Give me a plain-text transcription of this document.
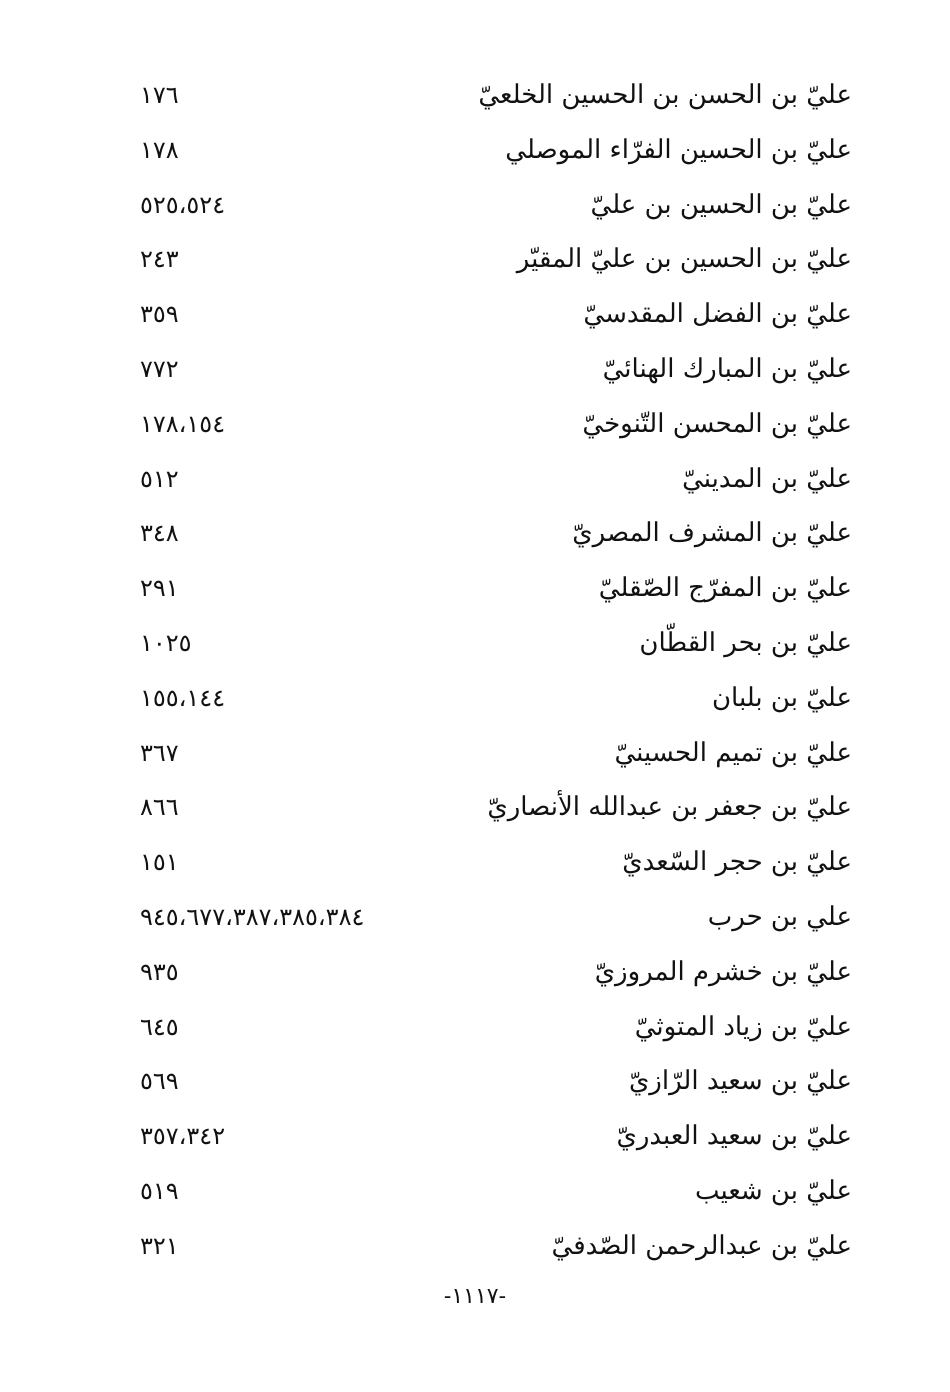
عليّ بن الحسن بن الحسين الخلعيّ
١٧٦
عليّ بن الحسين الفرّاء الموصلي
١٧٨
عليّ بن الحسين بن عليّ
٥٢٥،٥٢٤
عليّ بن الحسين بن عليّ المقيّر
٢٤٣
عليّ بن الفضل المقدسيّ
٣٥٩
عليّ بن المبارك الهنائيّ
٧٧٢
عليّ بن المحسن التّنوخيّ
١٧٨،١٥٤
عليّ بن المدينيّ
٥١٢
عليّ بن المشرف المصريّ
٣٤٨
عليّ بن المفرّج الصّقليّ
٢٩١
عليّ بن بحر القطّان
١٠٢٥
عليّ بن بلبان
١٥٥،١٤٤
عليّ بن تميم الحسينيّ
٣٦٧
عليّ بن جعفر بن عبدالله الأنصاريّ
٨٦٦
عليّ بن حجر السّعديّ
١٥١
علي بن حرب
٩٤٥،٦٧٧،٣٨٧،٣٨٥،٣٨٤
عليّ بن خشرم المروزيّ
٩٣٥
عليّ بن زياد المتوثيّ
٦٤٥
عليّ بن سعيد الرّازيّ
٥٦٩
عليّ بن سعيد العبدريّ
٣٥٧،٣٤٢
عليّ بن شعيب
٥١٩
عليّ بن عبدالرحمن الصّدفيّ
٣٢١
-١١١٧-
